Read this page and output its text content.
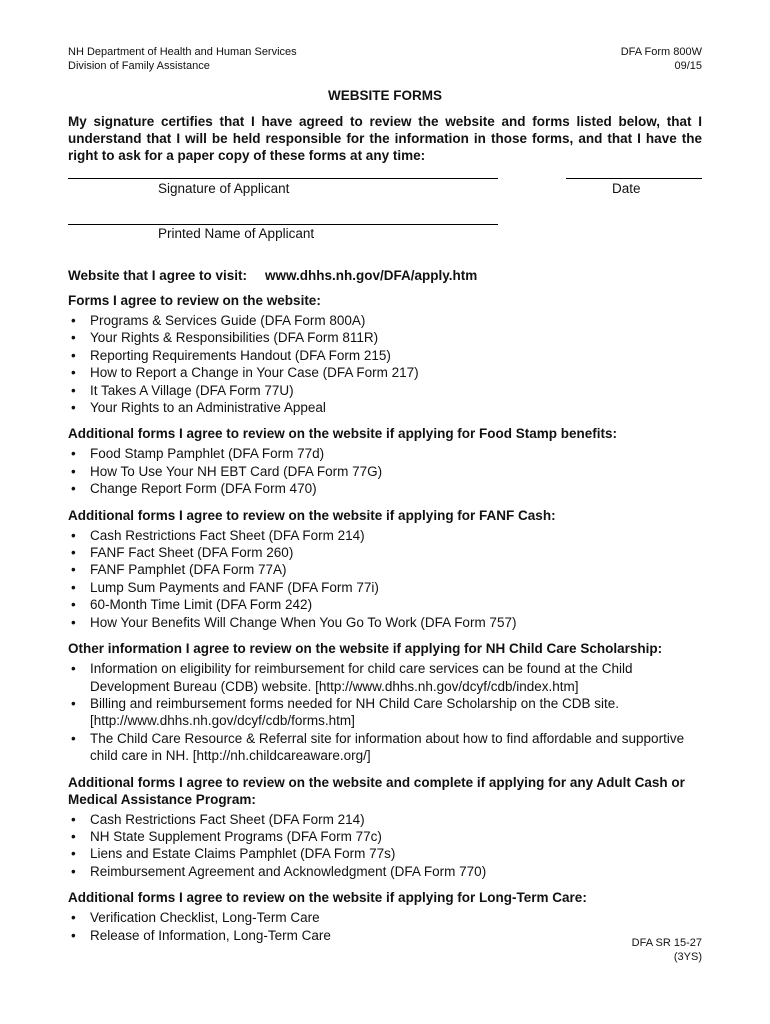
NH Department of Health and Human Services
Division of Family Assistance
DFA Form 800W
09/15
WEBSITE FORMS
My signature certifies that I have agreed to review the website and forms listed below, that I understand that I will be held responsible for the information in those forms, and that I have the right to ask for a paper copy of these forms at any time:
Signature of Applicant	Date
Printed Name of Applicant
Website that I agree to visit: www.dhhs.nh.gov/DFA/apply.htm
Forms I agree to review on the website:
• Programs & Services Guide (DFA Form 800A)
• Your Rights & Responsibilities (DFA Form 811R)
• Reporting Requirements Handout (DFA Form 215)
• How to Report a Change in Your Case (DFA Form 217)
• It Takes A Village (DFA Form 77U)
• Your Rights to an Administrative Appeal
Additional forms I agree to review on the website if applying for Food Stamp benefits:
• Food Stamp Pamphlet (DFA Form 77d)
• How To Use Your NH EBT Card (DFA Form 77G)
• Change Report Form (DFA Form 470)
Additional forms I agree to review on the website if applying for FANF Cash:
• Cash Restrictions Fact Sheet (DFA Form 214)
• FANF Fact Sheet (DFA Form 260)
• FANF Pamphlet (DFA Form 77A)
• Lump Sum Payments and FANF (DFA Form 77i)
• 60-Month Time Limit (DFA Form 242)
• How Your Benefits Will Change When You Go To Work (DFA Form 757)
Other information I agree to review on the website if applying for NH Child Care Scholarship:
• Information on eligibility for reimbursement for child care services can be found at the Child Development Bureau (CDB) website. [http://www.dhhs.nh.gov/dcyf/cdb/index.htm]
• Billing and reimbursement forms needed for NH Child Care Scholarship on the CDB site. [http://www.dhhs.nh.gov/dcyf/cdb/forms.htm]
• The Child Care Resource & Referral site for information about how to find affordable and supportive child care in NH. [http://nh.childcareaware.org/]
Additional forms I agree to review on the website and complete if applying for any Adult Cash or Medical Assistance Program:
• Cash Restrictions Fact Sheet (DFA Form 214)
• NH State Supplement Programs (DFA Form 77c)
• Liens and Estate Claims Pamphlet (DFA Form 77s)
• Reimbursement Agreement and Acknowledgment (DFA Form 770)
Additional forms I agree to review on the website if applying for Long-Term Care:
• Verification Checklist, Long-Term Care
• Release of Information, Long-Term Care
DFA SR 15-27
(3YS)
